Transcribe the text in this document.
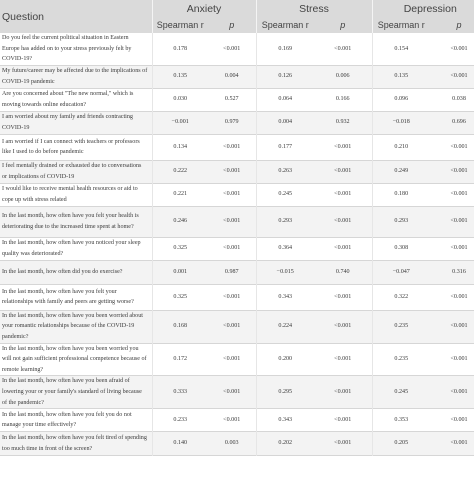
Question	Anxiety		Stress		Depression	
	Spearman r	p	Spearman r	p	Spearman r	p
Do you feel the current political situation in Eastern Europe has added on to your stress previously felt by COVID-19?	0.178	<0.001	0.169	<0.001	0.154	<0.001
My future/career may be affected due to the implications of COVID-19 pandemic	0.135	0.004	0.126	0.006	0.135	<0.001
Are you concerned about "The new normal," which is moving towards online education?	0.030	0.527	0.064	0.166	0.096	0.038
I am worried about my family and friends contracting COVID-19	−0.001	0.979	0.004	0.932	−0.018	0.696
I am worried if I can connect with teachers or professors like I used to do before pandemic	0.134	<0.001	0.177	<0.001	0.210	<0.001
I feel mentally drained or exhausted due to conversations or implications of COVID-19	0.222	<0.001	0.263	<0.001	0.249	<0.001
I would like to receive mental health resources or aid to cope up with stress related	0.221	<0.001	0.245	<0.001	0.180	<0.001
In the last month, how often have you felt your health is deteriorating due to the increased time spent at home?	0.246	<0.001	0.293	<0.001	0.293	<0.001
In the last month, how often have you noticed your sleep quality was deteriorated?	0.325	<0.001	0.364	<0.001	0.308	<0.001
In the last month, how often did you do exercise?	0.001	0.987	−0.015	0.740	−0.047	0.316
In the last month, how often have you felt your relationships with family and peers are getting worse?	0.325	<0.001	0.343	<0.001	0.322	<0.001
In the last month, how often have you been worried about your romantic relationships because of the COVID-19 pandemic?	0.168	<0.001	0.224	<0.001	0.235	<0.001
In the last month, how often have you been worried you will not gain sufficient professional competence because of remote learning?	0.172	<0.001	0.200	<0.001	0.235	<0.001
In the last month, how often have you been afraid of lowering your or your family's standard of living because of the pandemic?	0.333	<0.001	0.295	<0.001	0.245	<0.001
In the last month, how often have you felt you do not manage your time effectively?	0.233	<0.001	0.343	<0.001	0.353	<0.001
In the last month, how often have you felt tired of spending too much time in front of the screen?	0.140	0.003	0.202	<0.001	0.205	<0.001
